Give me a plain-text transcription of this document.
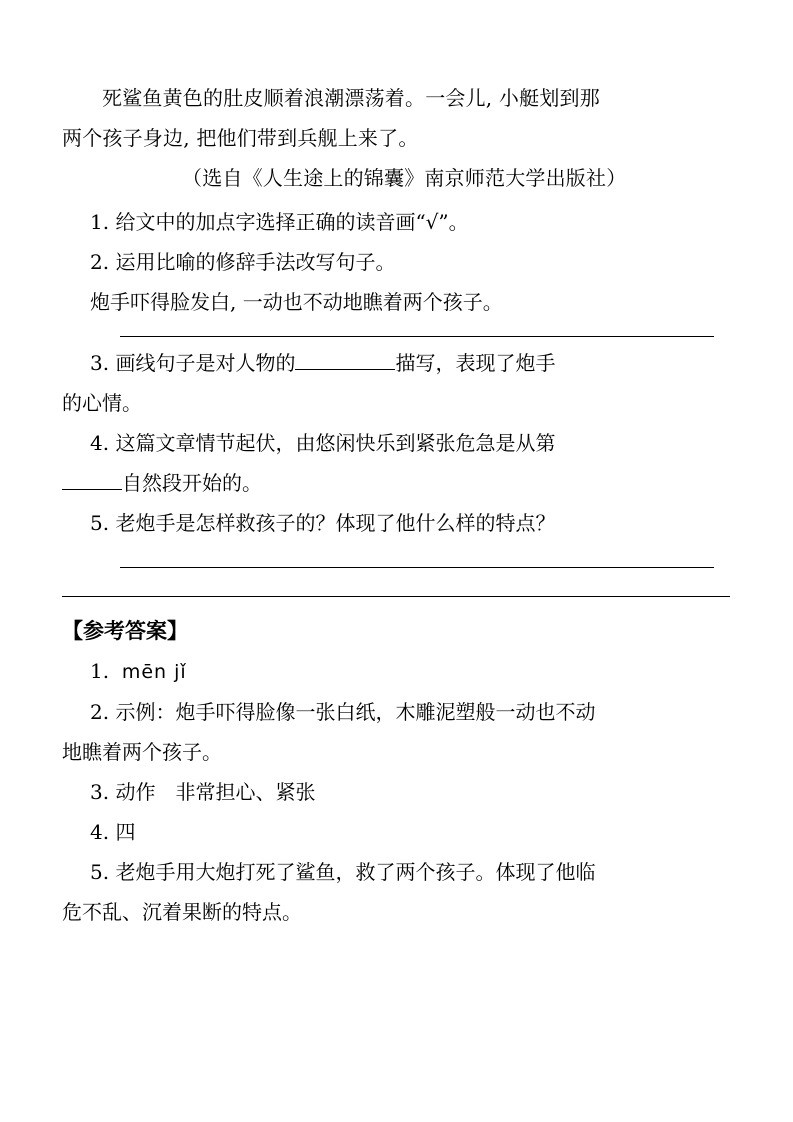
死鲨鱼黄色的肚皮顺着浪潮漂荡着。一会儿, 小艇划到那

两个孩子身边, 把他们带到兵舰上来了。

（选自《人生途上的锦囊》南京师范大学出版社）

1. 给文中的加点字选择正确的读音画“√”。

2. 运用比喻的修辞手法改写句子。

炮手吓得脸发白, 一动也不动地瞧着两个孩子。

3. 画线句子是对人物的	描写，表现了炮手

的心情。

4. 这篇文章情节起伏，由悠闲快乐到紧张危急是从第

自然段开始的。

5. 老炮手是怎样救孩子的？体现了他什么样的特点？

【参考答案】

1. mēn jǐ

2. 示例：炮手吓得脸像一张白纸，木雕泥塑般一动也不动

地瞧着两个孩子。

3. 动作　非常担心、紧张

4. 四

5. 老炮手用大炮打死了鲨鱼，救了两个孩子。体现了他临

危不乱、沉着果断的特点。
